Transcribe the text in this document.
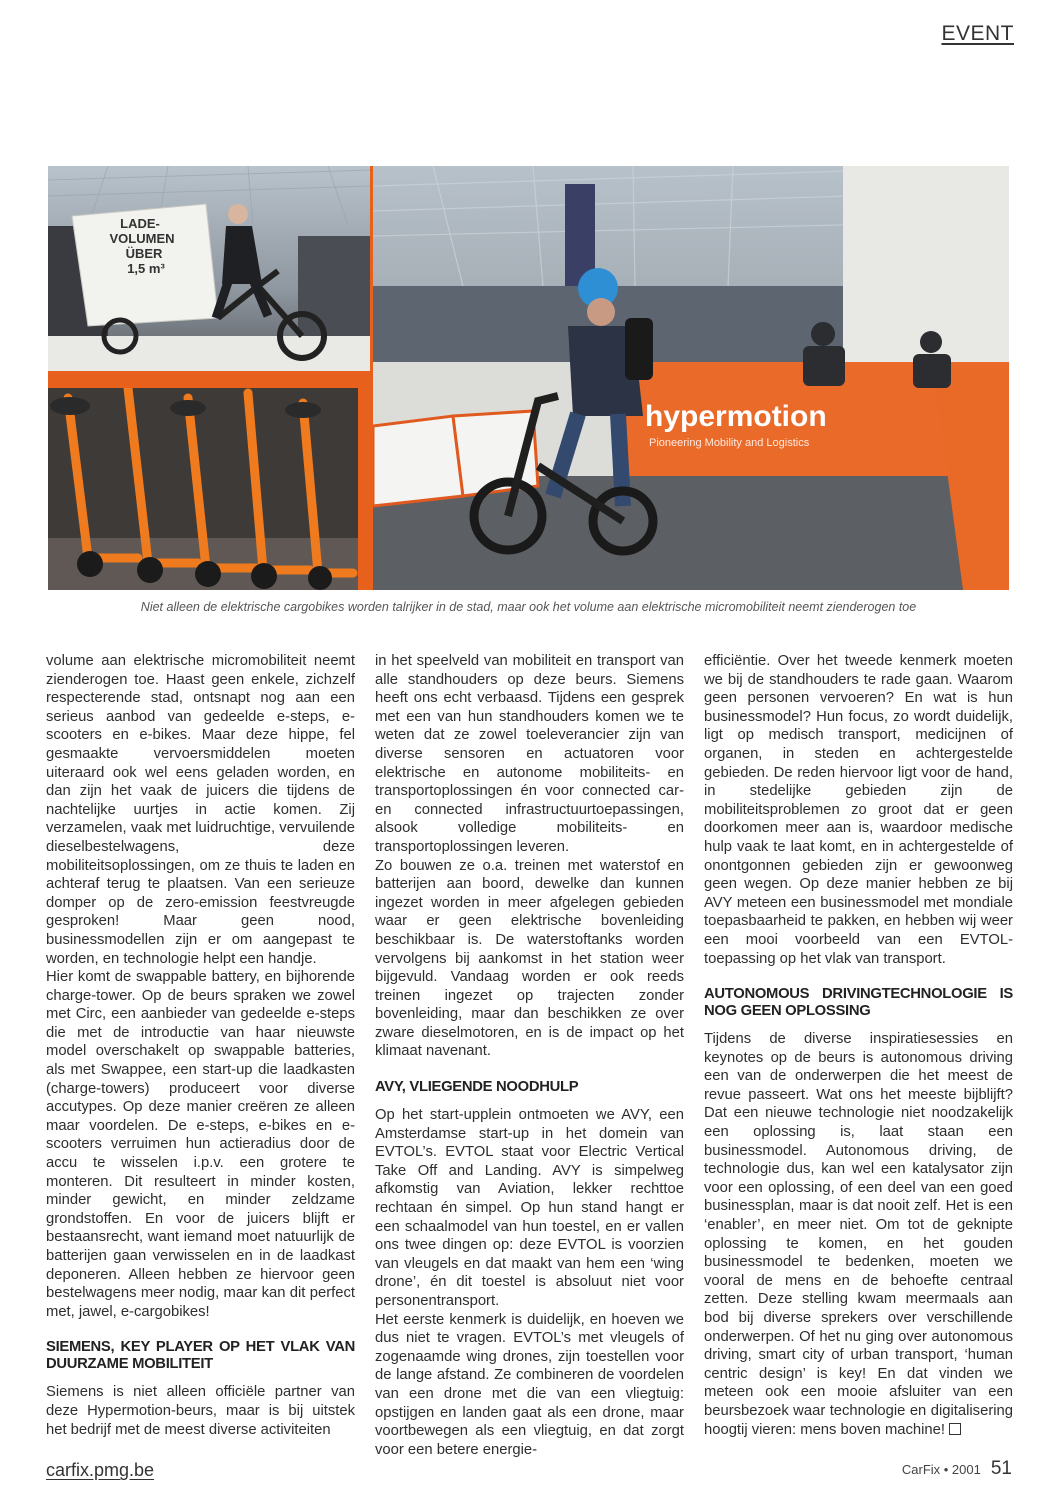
EVENT
LADE-
VOLUMEN
ÜBER
1,5 m³
hypermotion
Pioneering Mobility and Logistics
Niet alleen de elektrische cargobikes worden talrijker in de stad, maar ook het volume aan elektrische micromobiliteit neemt zienderogen toe

volume aan elektrische micromobiliteit neemt zienderogen toe. Haast geen enkele, zichzelf respecterende stad, ontsnapt nog aan een serieus aanbod van gedeelde e-steps, e-scooters en e-bikes. Maar deze hippe, fel gesmaakte vervoersmiddelen moeten uiteraard ook wel eens geladen worden, en dan zijn het vaak de juicers die tijdens de nachtelijke uurtjes in actie komen. Zij verzamelen, vaak met luidruchtige, vervuilende dieselbestelwagens, deze mobiliteitsoplossingen, om ze thuis te laden en achteraf terug te plaatsen. Van een serieuze domper op de zero-emission feestvreugde gesproken! Maar geen nood, businessmodellen zijn er om aangepast te worden, en technologie helpt een handje.

Hier komt de swappable battery, en bijhorende charge-tower. Op de beurs spraken we zowel met Circ, een aanbieder van gedeelde e-steps die met de introductie van haar nieuwste model overschakelt op swappable batteries, als met Swappee, een start-up die laadkasten (charge-towers) produceert voor diverse accutypes. Op deze manier creëren ze alleen maar voordelen. De e-steps, e-bikes en e-scooters verruimen hun actieradius door de accu te wisselen i.p.v. een grotere te monteren. Dit resulteert in minder kosten, minder gewicht, en minder zeldzame grondstoffen. En voor de juicers blijft er bestaansrecht, want iemand moet natuurlijk de batterijen gaan verwisselen en in de laadkast deponeren. Alleen hebben ze hiervoor geen bestelwagens meer nodig, maar kan dit perfect met, jawel, e-cargobikes!

SIEMENS, KEY PLAYER OP HET VLAK VAN DUURZAME MOBILITEIT

Siemens is niet alleen officiële partner van deze Hypermotion-beurs, maar is bij uitstek het bedrijf met de meest diverse activiteiten

in het speelveld van mobiliteit en transport van alle standhouders op deze beurs. Siemens heeft ons echt verbaasd. Tijdens een gesprek met een van hun standhouders komen we te weten dat ze zowel toeleverancier zijn van diverse sensoren en actuatoren voor elektrische en autonome mobiliteits- en transportoplossingen én voor connected car- en connected infrastructuurtoepassingen, alsook volledige mobiliteits- en transportoplossingen leveren.

Zo bouwen ze o.a. treinen met waterstof en batterijen aan boord, dewelke dan kunnen ingezet worden in meer afgelegen gebieden waar er geen elektrische bovenleiding beschikbaar is. De waterstoftanks worden vervolgens bij aankomst in het station weer bijgevuld. Vandaag worden er ook reeds treinen ingezet op trajecten zonder bovenleiding, maar dan beschikken ze over zware dieselmotoren, en is de impact op het klimaat navenant.

AVY, VLIEGENDE NOODHULP

Op het start-upplein ontmoeten we AVY, een Amsterdamse start-up in het domein van EVTOL’s. EVTOL staat voor Electric Vertical Take Off and Landing. AVY is simpelweg afkomstig van Aviation, lekker rechttoe rechtaan én simpel. Op hun stand hangt er een schaalmodel van hun toestel, en er vallen ons twee dingen op: deze EVTOL is voorzien van vleugels en dat maakt van hem een ‘wing drone’, én dit toestel is absoluut niet voor personentransport.

Het eerste kenmerk is duidelijk, en hoeven we dus niet te vragen. EVTOL’s met vleugels of zogenaamde wing drones, zijn toestellen voor de lange afstand. Ze combineren de voordelen van een drone met die van een vliegtuig: opstijgen en landen gaat als een drone, maar voortbewegen als een vliegtuig, en dat zorgt voor een betere energie-

efficiëntie. Over het tweede kenmerk moeten we bij de standhouders te rade gaan. Waarom geen personen vervoeren? En wat is hun businessmodel? Hun focus, zo wordt duidelijk, ligt op medisch transport, medicijnen of organen, in steden en achtergestelde gebieden. De reden hiervoor ligt voor de hand, in stedelijke gebieden zijn de mobiliteitsproblemen zo groot dat er geen doorkomen meer aan is, waardoor medische hulp vaak te laat komt, en in achtergestelde of onontgonnen gebieden zijn er gewoonweg geen wegen. Op deze manier hebben ze bij AVY meteen een businessmodel met mondiale toepasbaarheid te pakken, en hebben wij weer een mooi voorbeeld van een EVTOL-toepassing op het vlak van transport.

AUTONOMOUS DRIVINGTECHNOLOGIE IS NOG GEEN OPLOSSING

Tijdens de diverse inspiratiesessies en keynotes op de beurs is autonomous driving een van de onderwerpen die het meest de revue passeert. Wat ons het meeste bijblijft? Dat een nieuwe technologie niet noodzakelijk een oplossing is, laat staan een businessmodel. Autonomous driving, de technologie dus, kan wel een katalysator zijn voor een oplossing, of een deel van een goed businessplan, maar is dat nooit zelf. Het is een ‘enabler’, en meer niet. Om tot de geknipte oplossing te komen, en het gouden businessmodel te bedenken, moeten we vooral de mens en de behoefte centraal zetten. Deze stelling kwam meermaals aan bod bij diverse sprekers over verschillende onderwerpen. Of het nu ging over autonomous driving, smart city of urban transport, ‘human centric design’ is key! En dat vinden we meteen ook een mooie afsluiter van een beursbezoek waar technologie en digitalisering hoogtij vieren: mens boven machine!

carfix.pmg.be	CarFix • 2001 51
